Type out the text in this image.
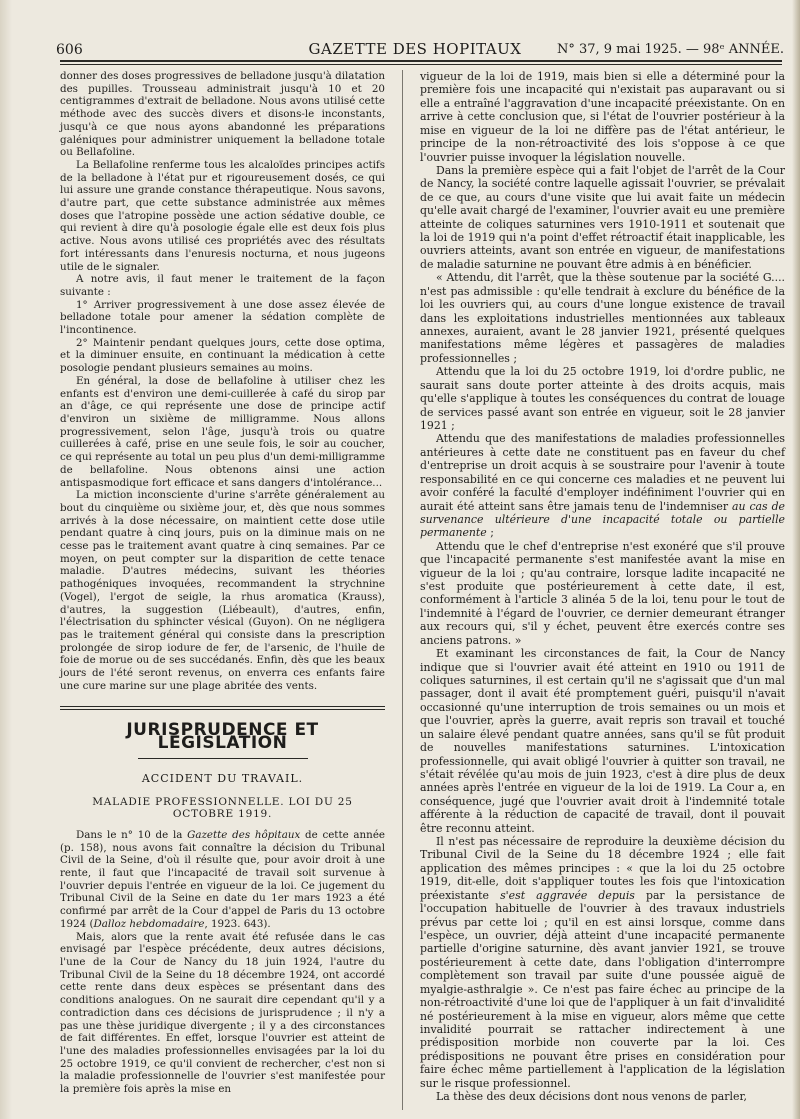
606	GAZETTE DES HOPITAUX	N° 37, 9 mai 1925. — 98ᵉ ANNÉE.

donner des doses progressives de belladone jusqu'à dilatation des pupilles. Trousseau administrait jusqu'à 10 et 20 centigrammes d'extrait de belladone. Nous avons utilisé cette méthode avec des succès divers et disons-le inconstants, jusqu'à ce que nous ayons abandonné les préparations galéniques pour administrer uniquement la belladone totale ou Bellafoline.

La Bellafoline renferme tous les alcaloïdes principes actifs de la belladone à l'état pur et rigoureusement dosés, ce qui lui assure une grande constance thérapeutique. Nous savons, d'autre part, que cette substance administrée aux mêmes doses que l'atropine possède une action sédative double, ce qui revient à dire qu'à posologie égale elle est deux fois plus active. Nous avons utilisé ces propriétés avec des résultats fort intéressants dans l'enuresis nocturna, et nous jugeons utile de le signaler.

A notre avis, il faut mener le traitement de la façon suivante :

1° Arriver progressivement à une dose assez élevée de belladone totale pour amener la sédation complète de l'incontinence.

2° Maintenir pendant quelques jours, cette dose optima, et la diminuer ensuite, en continuant la médication à cette posologie pendant plusieurs semaines au moins.

En général, la dose de bellafoline à utiliser chez les enfants est d'environ une demi-cuillerée à café du sirop par an d'âge, ce qui représente une dose de principe actif d'environ un sixième de milligramme. Nous allons progressivement, selon l'âge, jusqu'à trois ou quatre cuillerées à café, prise en une seule fois, le soir au coucher, ce qui représente au total un peu plus d'un demi-milligramme de bellafoline. Nous obtenons ainsi une action antispasmodique fort efficace et sans dangers d'intolérance...

La miction inconsciente d'urine s'arrête généralement au bout du cinquième ou sixième jour, et, dès que nous sommes arrivés à la dose nécessaire, on maintient cette dose utile pendant quatre à cinq jours, puis on la diminue mais on ne cesse pas le traitement avant quatre à cinq semaines. Par ce moyen, on peut compter sur la disparition de cette tenace maladie. D'autres médecins, suivant les théories pathogéniques invoquées, recommandent la strychnine (Vogel), l'ergot de seigle, la rhus aromatica (Krauss), d'autres, la suggestion (Liébeault), d'autres, enfin, l'électrisation du sphincter vésical (Guyon). On ne négligera pas le traitement général qui consiste dans la prescription prolongée de sirop iodure de fer, de l'arsenic, de l'huile de foie de morue ou de ses succédanés. Enfin, dès que les beaux jours de l'été seront revenus, on enverra ces enfants faire une cure marine sur une plage abritée des vents.

JURISPRUDENCE ET LÉGISLATION
ACCIDENT DU TRAVAIL.
MALADIE PROFESSIONNELLE. LOI DU 25 OCTOBRE 1919.

Dans le n° 10 de la Gazette des hôpitaux de cette année (p. 158), nous avons fait connaître la décision du Tribunal Civil de la Seine, d'où il résulte que, pour avoir droit à une rente, il faut que l'incapacité de travail soit survenue à l'ouvrier depuis l'entrée en vigueur de la loi. Ce jugement du Tribunal Civil de la Seine en date du 1er mars 1923 a été confirmé par arrêt de la Cour d'appel de Paris du 13 octobre 1924 (Dalloz hebdomadaire, 1923. 643).

Mais, alors que la rente avait été refusée dans le cas envisagé par l'espèce précédente, deux autres décisions, l'une de la Cour de Nancy du 18 juin 1924, l'autre du Tribunal Civil de la Seine du 18 décembre 1924, ont accordé cette rente dans deux espèces se présentant dans des conditions analogues. On ne saurait dire cependant qu'il y a contradiction dans ces décisions de jurisprudence ; il n'y a pas une thèse juridique divergente ; il y a des circonstances de fait différentes. En effet, lorsque l'ouvrier est atteint de l'une des maladies professionnelles envisagées par la loi du 25 octobre 1919, ce qu'il convient de rechercher, c'est non si la maladie professionnelle de l'ouvrier s'est manifestée pour la première fois après la mise en

vigueur de la loi de 1919, mais bien si elle a déterminé pour la première fois une incapacité qui n'existait pas auparavant ou si elle a entraîné l'aggravation d'une incapacité préexistante. On en arrive à cette conclusion que, si l'état de l'ouvrier postérieur à la mise en vigueur de la loi ne diffère pas de l'état antérieur, le principe de la non-rétroactivité des lois s'oppose à ce que l'ouvrier puisse invoquer la législation nouvelle.

Dans la première espèce qui a fait l'objet de l'arrêt de la Cour de Nancy, la société contre laquelle agissait l'ouvrier, se prévalait de ce que, au cours d'une visite que lui avait faite un médecin qu'elle avait chargé de l'examiner, l'ouvrier avait eu une première atteinte de coliques saturnines vers 1910-1911 et soutenait que la loi de 1919 qui n'a point d'effet rétroactif était inapplicable, les ouvriers atteints, avant son entrée en vigueur, de manifestations de maladie saturnine ne pouvant être admis à en bénéficier.

« Attendu, dit l'arrêt, que la thèse soutenue par la société G.... n'est pas admissible : qu'elle tendrait à exclure du bénéfice de la loi les ouvriers qui, au cours d'une longue existence de travail dans les exploitations industrielles mentionnées aux tableaux annexes, auraient, avant le 28 janvier 1921, présenté quelques manifestations même légères et passagères de maladies professionnelles ;

Attendu que la loi du 25 octobre 1919, loi d'ordre public, ne saurait sans doute porter atteinte à des droits acquis, mais qu'elle s'applique à toutes les conséquences du contrat de louage de services passé avant son entrée en vigueur, soit le 28 janvier 1921 ;

Attendu que des manifestations de maladies professionnelles antérieures à cette date ne constituent pas en faveur du chef d'entreprise un droit acquis à se soustraire pour l'avenir à toute responsabilité en ce qui concerne ces maladies et ne peuvent lui avoir conféré la faculté d'employer indéfiniment l'ouvrier qui en aurait été atteint sans être jamais tenu de l'indemniser au cas de survenance ultérieure d'une incapacité totale ou partielle permanente ;

Attendu que le chef d'entreprise n'est exonéré que s'il prouve que l'incapacité permanente s'est manifestée avant la mise en vigueur de la loi ; qu'au contraire, lorsque ladite incapacité ne s'est produite que postérieurement à cette date, il est, conformément à l'article 3 alinéa 5 de la loi, tenu pour le tout de l'indemnité à l'égard de l'ouvrier, ce dernier demeurant étranger aux recours qui, s'il y échet, peuvent être exercés contre ses anciens patrons. »

Et examinant les circonstances de fait, la Cour de Nancy indique que si l'ouvrier avait été atteint en 1910 ou 1911 de coliques saturnines, il est certain qu'il ne s'agissait que d'un mal passager, dont il avait été promptement guéri, puisqu'il n'avait occasionné qu'une interruption de trois semaines ou un mois et que l'ouvrier, après la guerre, avait repris son travail et touché un salaire élevé pendant quatre années, sans qu'il se fût produit de nouvelles manifestations saturnines. L'intoxication professionnelle, qui avait obligé l'ouvrier à quitter son travail, ne s'était révélée qu'au mois de juin 1923, c'est à dire plus de deux années après l'entrée en vigueur de la loi de 1919. La Cour a, en conséquence, jugé que l'ouvrier avait droit à l'indemnité totale afférente à la réduction de capacité de travail, dont il pouvait être reconnu atteint.

Il n'est pas nécessaire de reproduire la deuxième décision du Tribunal Civil de la Seine du 18 décembre 1924 ; elle fait application des mêmes principes : « que la loi du 25 octobre 1919, dit-elle, doit s'appliquer toutes les fois que l'intoxication préexistante s'est aggravée depuis par la persistance de l'occupation habituelle de l'ouvrier à des travaux industriels prévus par cette loi ; qu'il en est ainsi lorsque, comme dans l'espèce, un ouvrier, déjà atteint d'une incapacité permanente partielle d'origine saturnine, dès avant janvier 1921, se trouve postérieurement à cette date, dans l'obligation d'interrompre complètement son travail par suite d'une poussée aiguë de myalgie-asthralgie ». Ce n'est pas faire échec au principe de la non-rétroactivité d'une loi que de l'appliquer à un fait d'invalidité né postérieurement à la mise en vigueur, alors même que cette invalidité pourrait se rattacher indirectement à une prédisposition morbide non couverte par la loi. Ces prédispositions ne pouvant être prises en considération pour faire échec même partiellement à l'application de la législation sur le risque professionnel.

La thèse des deux décisions dont nous venons de parler,
